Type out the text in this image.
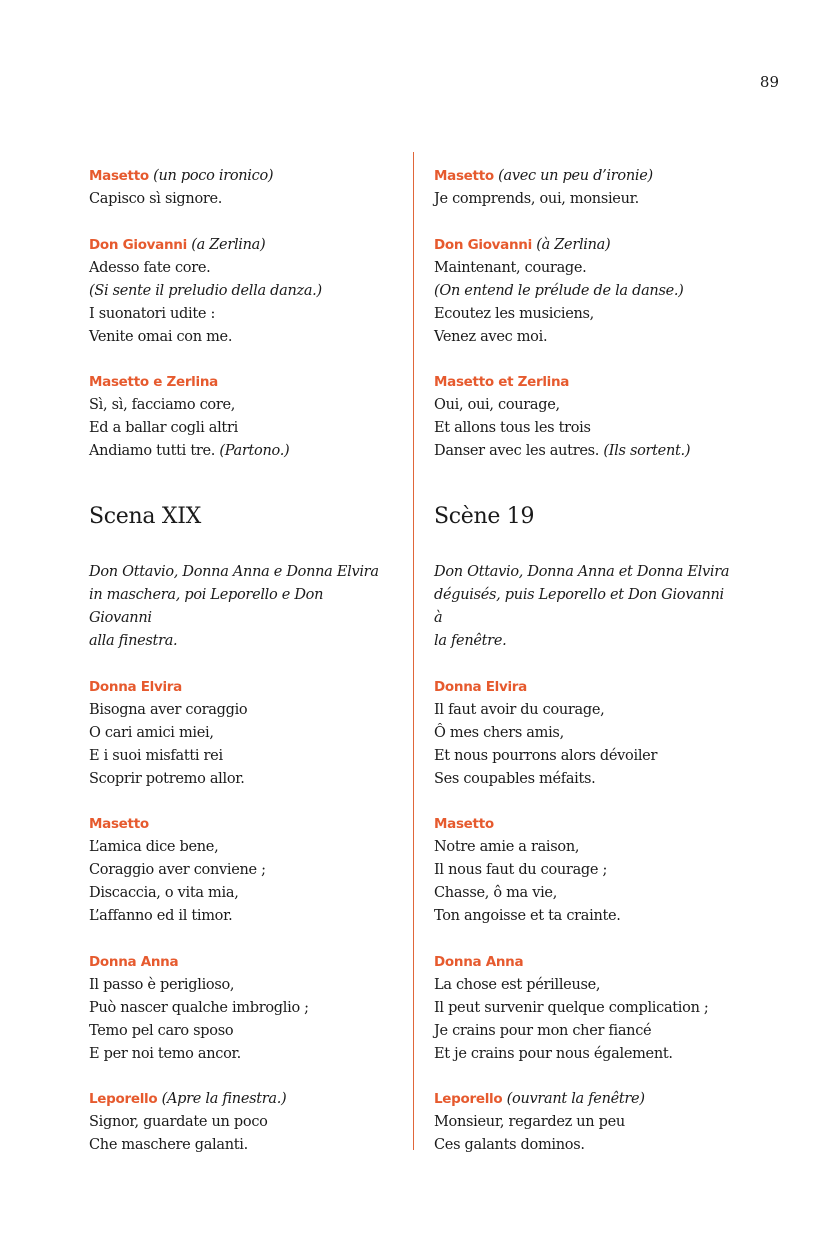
89
Masetto (un poco ironico)
Capisco sì signore.
Don Giovanni (a Zerlina)
Adesso fate core.
(Si sente il preludio della danza.)
I suonatori udite :
Venite omai con me.
Masetto e Zerlina
Sì, sì, facciamo core,
Ed a ballar cogli altri
Andiamo tutti tre. (Partono.)
Scena XIX
Don Ottavio, Donna Anna e Donna Elvira
in maschera, poi Leporello e Don Giovanni
alla finestra.
Donna Elvira
Bisogna aver coraggio
O cari amici miei,
E i suoi misfatti rei
Scoprir potremo allor.
Masetto
L’amica dice bene,
Coraggio aver conviene ;
Discaccia, o vita mia,
L’affanno ed il timor.
Donna Anna
Il passo è periglioso,
Può nascer qualche imbroglio ;
Temo pel caro sposo
E per noi temo ancor.
Leporello (Apre la finestra.)
Signor, guardate un poco
Che maschere galanti.
Masetto (avec un peu d’ironie)
Je comprends, oui, monsieur.
Don Giovanni (à Zerlina)
Maintenant, courage.
(On entend le prélude de la danse.)
Ecoutez les musiciens,
Venez avec moi.
Masetto et Zerlina
Oui, oui, courage,
Et allons tous les trois
Danser avec les autres. (Ils sortent.)
Scène 19
Don Ottavio, Donna Anna et Donna Elvira
déguisés, puis Leporello et Don Giovanni à
la fenêtre.
Donna Elvira
Il faut avoir du courage,
Ô mes chers amis,
Et nous pourrons alors dévoiler
Ses coupables méfaits.
Masetto
Notre amie a raison,
Il nous faut du courage ;
Chasse, ô ma vie,
Ton angoisse et ta crainte.
Donna Anna
La chose est périlleuse,
Il peut survenir quelque complication ;
Je crains pour mon cher fiancé
Et je crains pour nous également.
Leporello (ouvrant la fenêtre)
Monsieur, regardez un peu
Ces galants dominos.
